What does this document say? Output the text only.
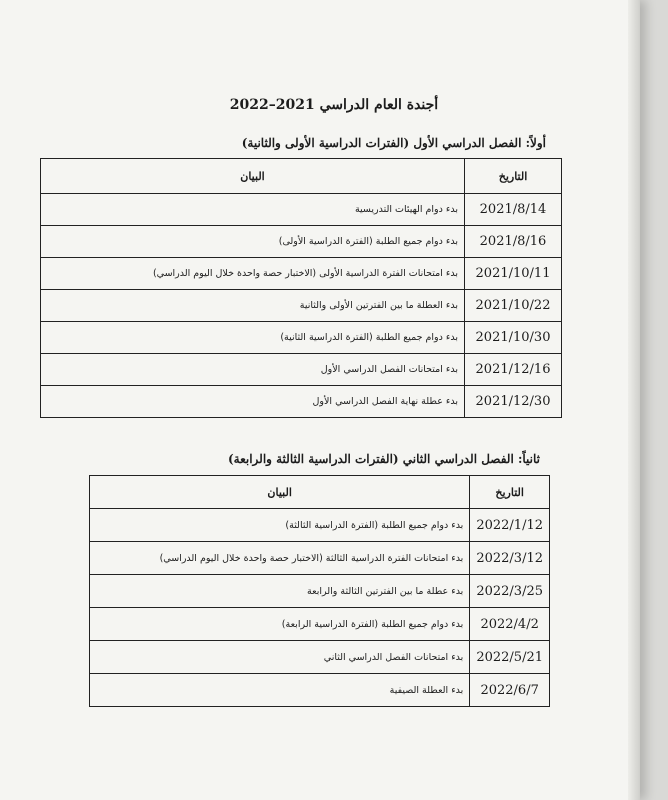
أجندة العام الدراسي 2021–2022
أولاً: الفصل الدراسي الأول (الفترات الدراسية الأولى والثانية)
التاريخ	البيان
2021/8/14	بدء دوام الهيئات التدريسية
2021/8/16	بدء دوام جميع الطلبة (الفترة الدراسية الأولى)
2021/10/11	بدء امتحانات الفترة الدراسية الأولى (الاختبار حصة واحدة خلال اليوم الدراسي)
2021/10/22	بدء العطلة ما بين الفترتين الأولى والثانية
2021/10/30	بدء دوام جميع الطلبة (الفترة الدراسية الثانية)
2021/12/16	بدء امتحانات الفصل الدراسي الأول
2021/12/30	بدء عطلة نهاية الفصل الدراسي الأول
ثانياً: الفصل الدراسي الثاني (الفترات الدراسية الثالثة والرابعة)
التاريخ	البيان
2022/1/12	بدء دوام جميع الطلبة (الفترة الدراسية الثالثة)
2022/3/12	بدء امتحانات الفترة الدراسية الثالثة (الاختبار حصة واحدة خلال اليوم الدراسي)
2022/3/25	بدء عطلة ما بين الفترتين الثالثة والرابعة
2022/4/2	بدء دوام جميع الطلبة (الفترة الدراسية الرابعة)
2022/5/21	بدء امتحانات الفصل الدراسي الثاني
2022/6/7	بدء العطلة الصيفية
